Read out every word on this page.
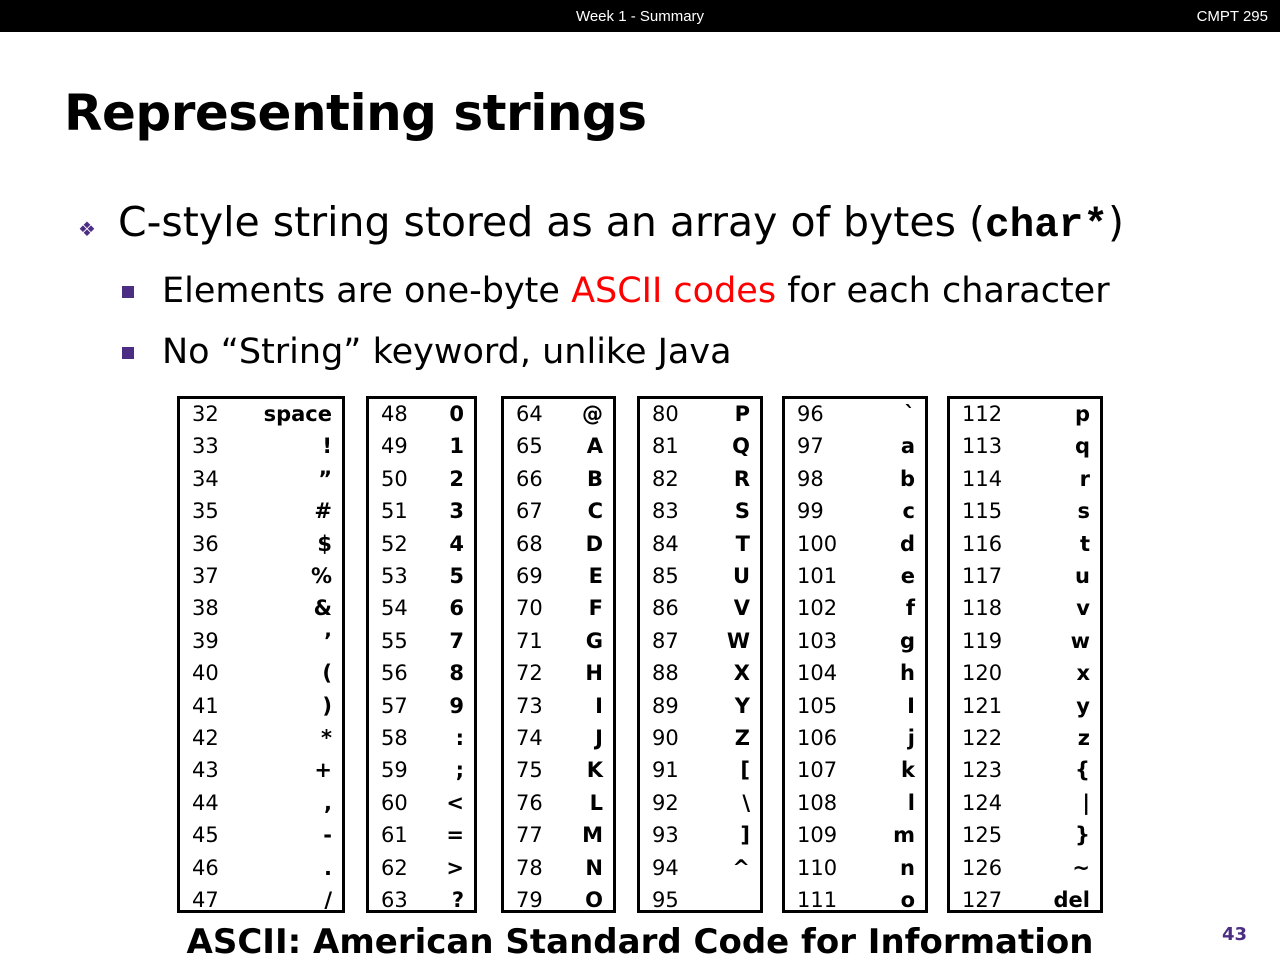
Week 1 - Summary	CMPT 295
Representing strings
❖ C-style string stored as an array of bytes (char*)
Elements are one-byte ASCII codes for each character
No “String” keyword, unlike Java
32 space
33	!
34	”
35	#
36	$
37	%
38	&
39	’
40	(
41	)
42	*
43	+
44	,
45	-
46	.
47	/
48 0
49 1
50 2
51 3
52 4
53 5
54 6
55 7
56 8
57 9
58 :
59 ;
60 <
61 =
62 >
63 ?
64 @
65 A
66 B
67 C
68 D
69 E
70 F
71 G
72 H
73 I
74 J
75 K
76 L
77 M
78 N
79 O
80	P
81	Q
82	R
83	S
84	T
85	U
86	V
87 W
88	X
89	Y
90	Z
91	[
92	\
93	]
94	^
95	_
96	`
97	a
98	b
99	c
100	d
101	e
102	f
103	g
104	h
105	I
106	j
107	k
108	l
109	m
110	n
111	o
112	p
113	q
114	r
115	s
116	t
117	u
118	v
119	w
120	x
121	y
122	z
123	{
124	|
125	}
126	~
127 del
ASCII: American Standard Code for Information	43
